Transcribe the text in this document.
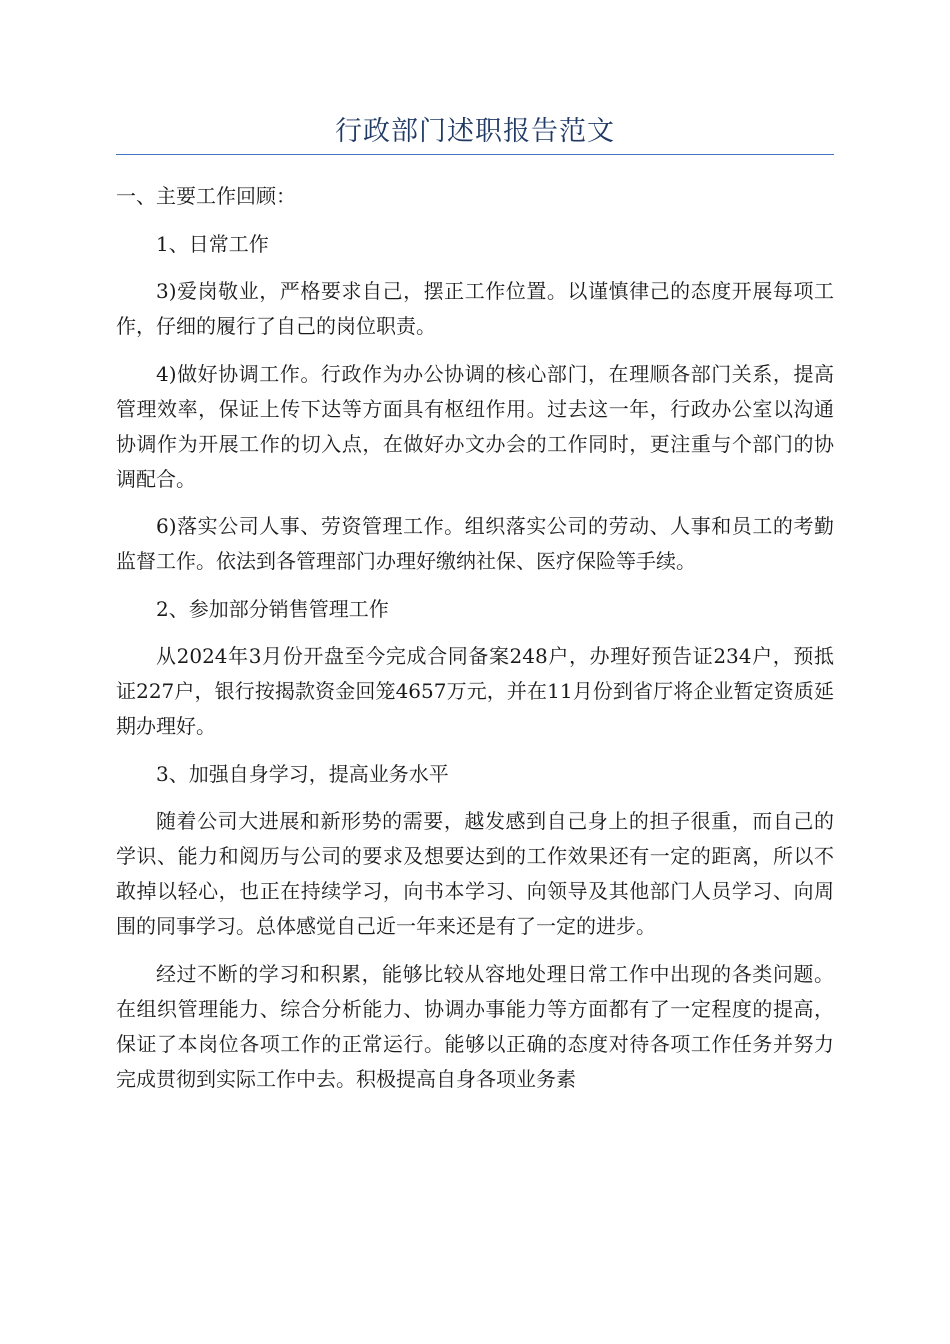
行政部门述职报告范文

一、主要工作回顾：

1、日常工作

3)爱岗敬业，严格要求自己，摆正工作位置。以谨慎律己的态度开展每项工作，仔细的履行了自己的岗位职责。

4)做好协调工作。行政作为办公协调的核心部门，在理顺各部门关系，提高管理效率，保证上传下达等方面具有枢纽作用。过去这一年，行政办公室以沟通协调作为开展工作的切入点，在做好办文办会的工作同时，更注重与个部门的协调配合。

6)落实公司人事、劳资管理工作。组织落实公司的劳动、人事和员工的考勤监督工作。依法到各管理部门办理好缴纳社保、医疗保险等手续。

2、参加部分销售管理工作

从2024年3月份开盘至今完成合同备案248户，办理好预告证234户，预抵证227户，银行按揭款资金回笼4657万元，并在11月份到省厅将企业暂定资质延期办理好。

3、加强自身学习，提高业务水平

随着公司大进展和新形势的需要，越发感到自己身上的担子很重，而自己的学识、能力和阅历与公司的要求及想要达到的工作效果还有一定的距离，所以不敢掉以轻心，也正在持续学习，向书本学习、向领导及其他部门人员学习、向周围的同事学习。总体感觉自己近一年来还是有了一定的进步。

经过不断的学习和积累，能够比较从容地处理日常工作中出现的各类问题。在组织管理能力、综合分析能力、协调办事能力等方面都有了一定程度的提高，保证了本岗位各项工作的正常运行。能够以正确的态度对待各项工作任务并努力完成贯彻到实际工作中去。积极提高自身各项业务素
